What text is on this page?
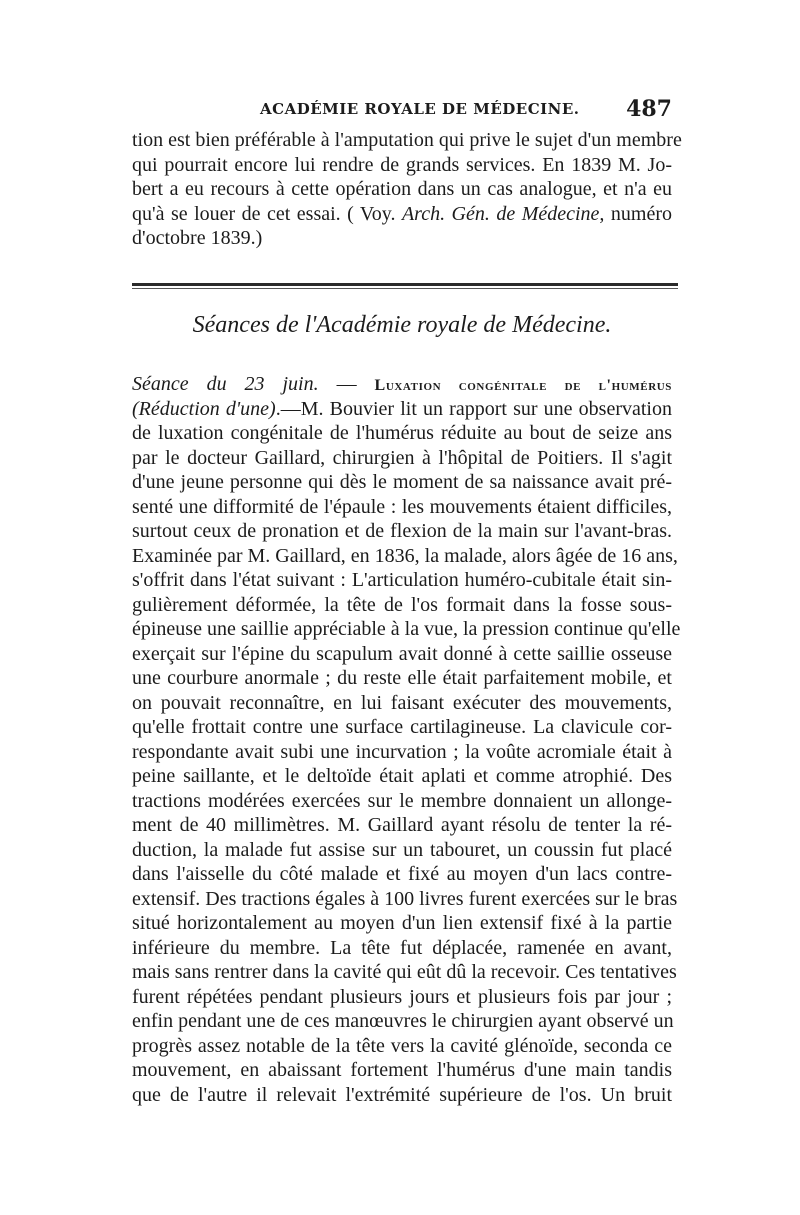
ACADÉMIE ROYALE DE MÉDECINE. 487
tion est bien préférable à l'amputation qui prive le sujet d'un membre
qui pourrait encore lui rendre de grands services. En 1839 M. Jo-
bert a eu recours à cette opération dans un cas analogue, et n'a eu
qu'à se louer de cet essai. ( Voy. Arch. Gén. de Médecine, numéro
d'octobre 1839.)
Séances de l'Académie royale de Médecine.
Séance du 23 juin. — Luxation congénitale de l'humérus
(Réduction d'une).—M. Bouvier lit un rapport sur une observation
de luxation congénitale de l'humérus réduite au bout de seize ans
par le docteur Gaillard, chirurgien à l'hôpital de Poitiers. Il s'agit
d'une jeune personne qui dès le moment de sa naissance avait pré-
senté une difformité de l'épaule : les mouvements étaient difficiles,
surtout ceux de pronation et de flexion de la main sur l'avant-bras.
Examinée par M. Gaillard, en 1836, la malade, alors âgée de 16 ans,
s'offrit dans l'état suivant : L'articulation huméro-cubitale était sin-
gulièrement déformée, la tête de l'os formait dans la fosse sous-
épineuse une saillie appréciable à la vue, la pression continue qu'elle
exerçait sur l'épine du scapulum avait donné à cette saillie osseuse
une courbure anormale ; du reste elle était parfaitement mobile, et
on pouvait reconnaître, en lui faisant exécuter des mouvements,
qu'elle frottait contre une surface cartilagineuse. La clavicule cor-
respondante avait subi une incurvation ; la voûte acromiale était à
peine saillante, et le deltoïde était aplati et comme atrophié. Des
tractions modérées exercées sur le membre donnaient un allonge-
ment de 40 millimètres. M. Gaillard ayant résolu de tenter la ré-
duction, la malade fut assise sur un tabouret, un coussin fut placé
dans l'aisselle du côté malade et fixé au moyen d'un lacs contre-
extensif. Des tractions égales à 100 livres furent exercées sur le bras
situé horizontalement au moyen d'un lien extensif fixé à la partie
inférieure du membre. La tête fut déplacée, ramenée en avant,
mais sans rentrer dans la cavité qui eût dû la recevoir. Ces tentatives
furent répétées pendant plusieurs jours et plusieurs fois par jour ;
enfin pendant une de ces manœuvres le chirurgien ayant observé un
progrès assez notable de la tête vers la cavité glénoïde, seconda ce
mouvement, en abaissant fortement l'humérus d'une main tandis
que de l'autre il relevait l'extrémité supérieure de l'os. Un bruit
